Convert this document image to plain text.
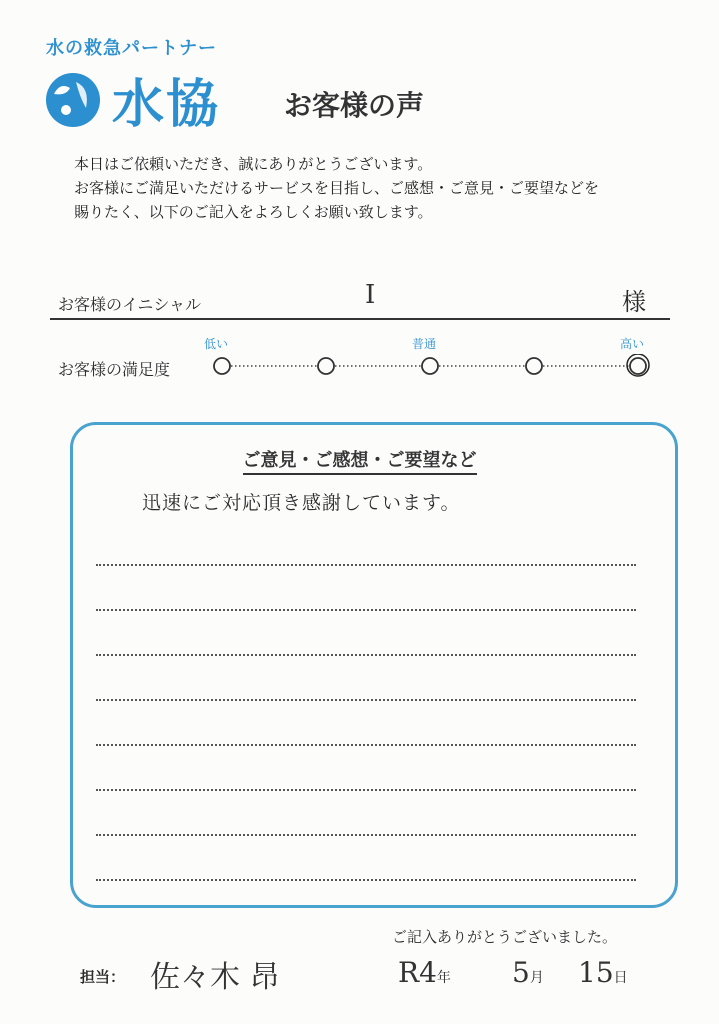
水の救急パートナー
水協 お客様の声
本日はご依頼いただき、誠にありがとうございます。
お客様にご満足いただけるサービスを目指し、ご感想・ご意見・ご要望などを
賜りたく、以下のご記入をよろしくお願い致します。
お客様のイニシャル	I	様
お客様の満足度
低い	普通	高い
ご意見・ご感想・ご要望など
迅速にご対応頂き感謝しています。
ご記入ありがとうございました。
担当： 佐々木 昂	R4年 5月 15日
